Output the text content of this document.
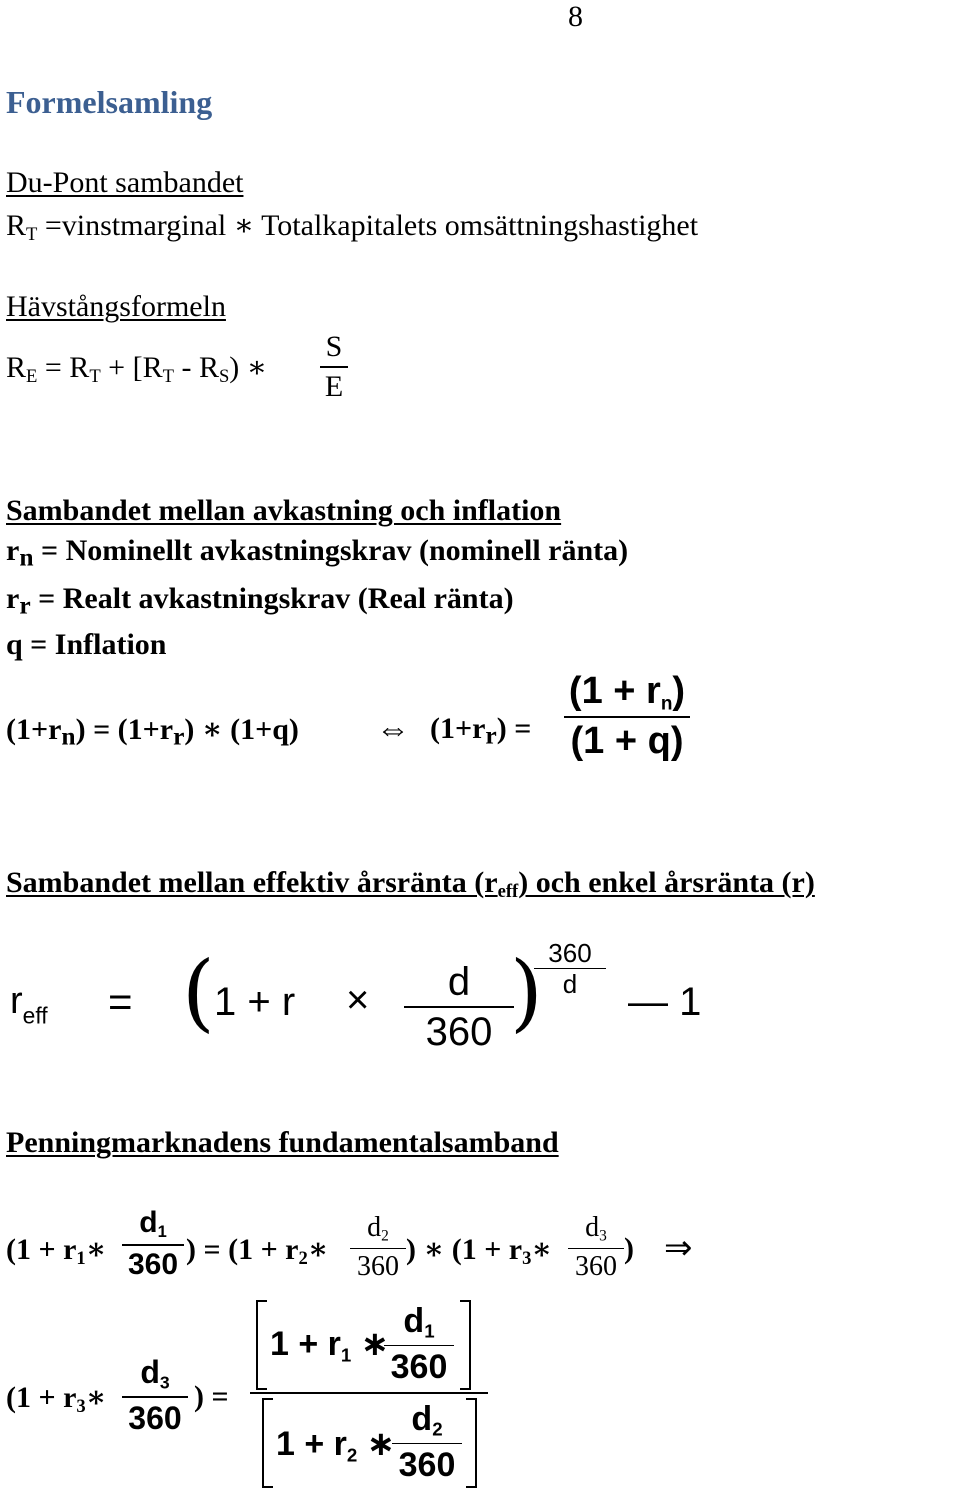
8
Formelsamling
Du-Pont sambandet
$R_T$ =vinstmarginal ∗ Totalkapitalets omsättningshastighet
Hävstångsformeln
$R_E = R_T + [R_T - R_S)$ ∗
S
E
Sambandet mellan avkastning och inflation
rn = Nominellt avkastningskrav (nominell ränta)
rr = Realt avkastningskrav (Real ränta)
q = Inflation
(1+rn) = (1+rr) ∗ (1+q) ⇔ (1+rr) =
(1 + rn)
(1 + q)
Sambandet mellan effektiv årsränta $(r_{eff})$ och enkel årsränta (r)
$r_{eff}$ = ( 1 + r ×	d
360 ) 360
d	— 1
Penningmarknadens fundamentalsamband
($1 + r_1∗$
d1
360 ) = ($1 + r_2∗$
d2
360
) ∗ ($1 + r_3∗$
d3
360
) ⇒
($1 + r_3∗$
d3
360
) =
1 + r1 ∗
d1
360
1 + r2 ∗
d2
360
